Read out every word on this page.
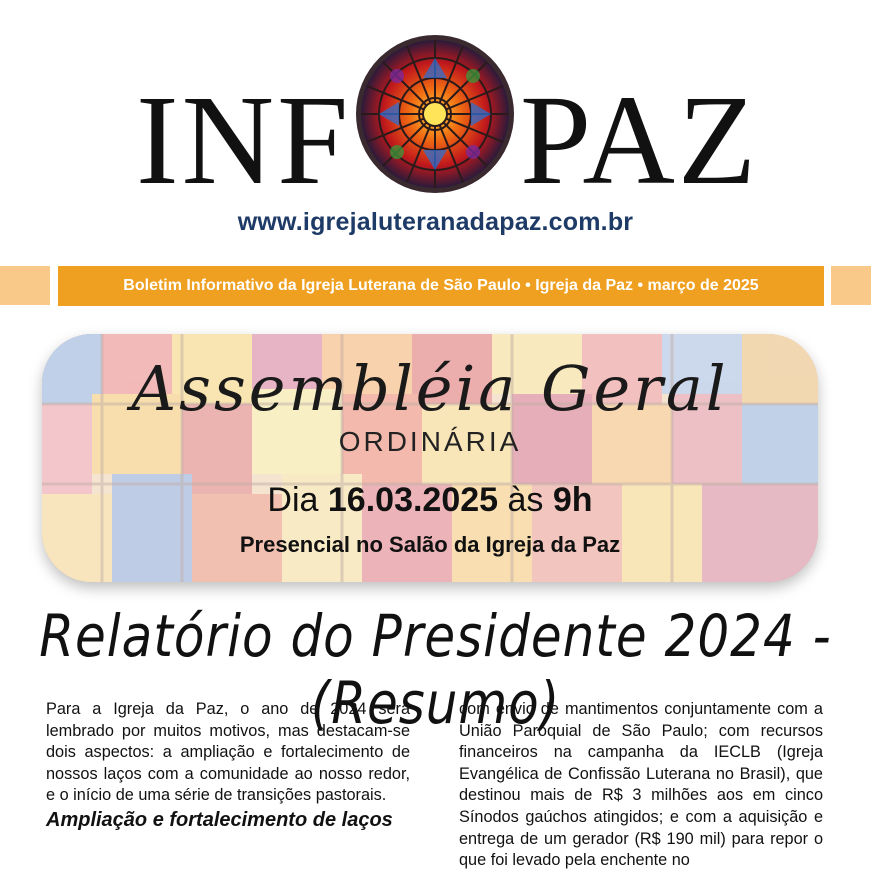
INF PAZ
www.igrejaluteranadapaz.com.br
Boletim Informativo da Igreja Luterana de São Paulo • Igreja da Paz • março de 2025
Assembléia Geral
ORDINÁRIA
Dia 16.03.2025 às 9h
Presencial no Salão da Igreja da Paz
Relatório do Presidente 2024 - (Resumo)

Para a Igreja da Paz, o ano de 2024 será lembrado por muitos motivos, mas destacam-se dois aspectos: a ampliação e fortalecimento de nossos laços com a comunidade ao nosso redor, e o início de uma série de transições pastorais.

Ampliação e fortalecimento de laços

com envio de mantimentos conjuntamente com a União Paroquial de São Paulo; com recursos financeiros na campanha da IECLB (Igreja Evangélica de Confissão Luterana no Brasil), que destinou mais de R$ 3 milhões aos em cinco Sínodos gaúchos atingidos; e com a aquisição e entrega de um gerador (R$ 190 mil) para repor o que foi levado pela enchente no
